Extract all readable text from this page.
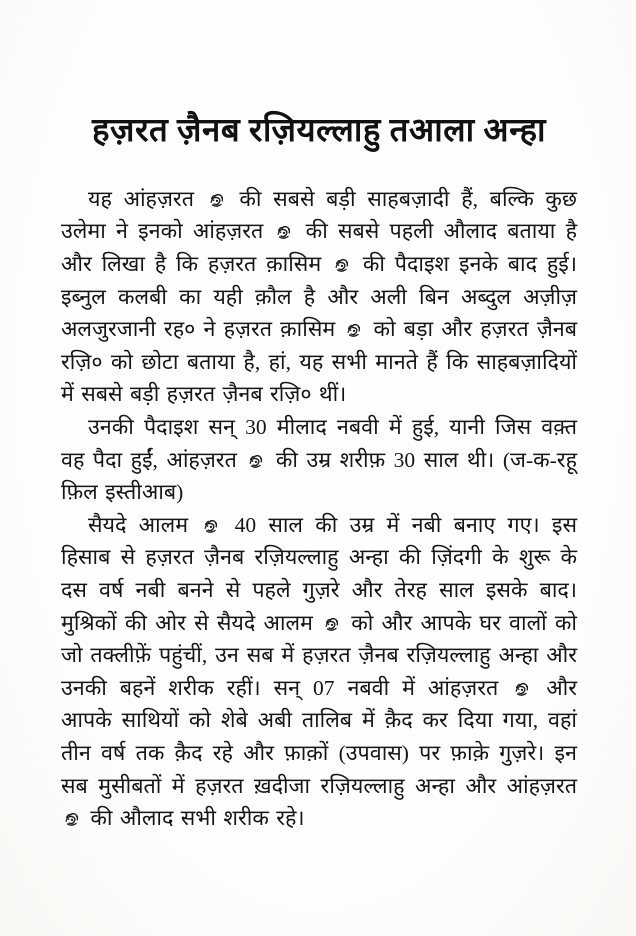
हज़रत ज़ैनब रज़ियल्लाहु तआला अन्हा

यह आंहज़रत
की सबसे बड़ी साहबज़ादी हैं, बल्कि कुछ उलेमा ने इनको आंहज़रत
की सबसे पहली औलाद बताया है और लिखा है कि हज़रत क़ासिम
की पैदाइश इनके बाद हुई। इब्नुल कलबी का यही क़ौल है और अली बिन अब्दुल अज़ीज़ अलजुरजानी रह० ने हज़रत क़ासिम
को बड़ा और हज़रत ज़ैनब रज़ि० को छोटा बताया है, हां, यह सभी मानते हैं कि साहबज़ादियों में सबसे बड़ी हज़रत ज़ैनब रज़ि० थीं।

उनकी पैदाइश सन् 30 मीलाद नबवी में हुई, यानी जिस वक़्त वह पैदा हुईं, आंहज़रत
की उम्र शरीफ़ 30 साल थी। (ज-क-रहू फ़िल इस्तीआब)

सैयदे आलम
40 साल की उम्र में नबी बनाए गए। इस हिसाब से हज़रत ज़ैनब रज़ियल्लाहु अन्हा की ज़िंदगी के शुरू के दस वर्ष नबी बनने से पहले गुज़रे और तेरह साल इसके बाद। मुश्रिकों की ओर से सैयदे आलम
को और आपके घर वालों को जो तक्लीफ़ें पहुंचीं, उन सब में हज़रत ज़ैनब रज़ियल्लाहु अन्हा और उनकी बहनें शरीक रहीं। सन् 07 नबवी में आंहज़रत
और आपके साथियों को शेबे अबी तालिब में क़ैद कर दिया गया, वहां तीन वर्ष तक क़ैद रहे और फ़ाक़ों (उपवास) पर फ़ाक़े गुज़रे। इन सब मुसीबतों में हज़रत ख़दीजा रज़ियल्लाहु अन्हा और आंहज़रत
की औलाद सभी शरीक रहे।
